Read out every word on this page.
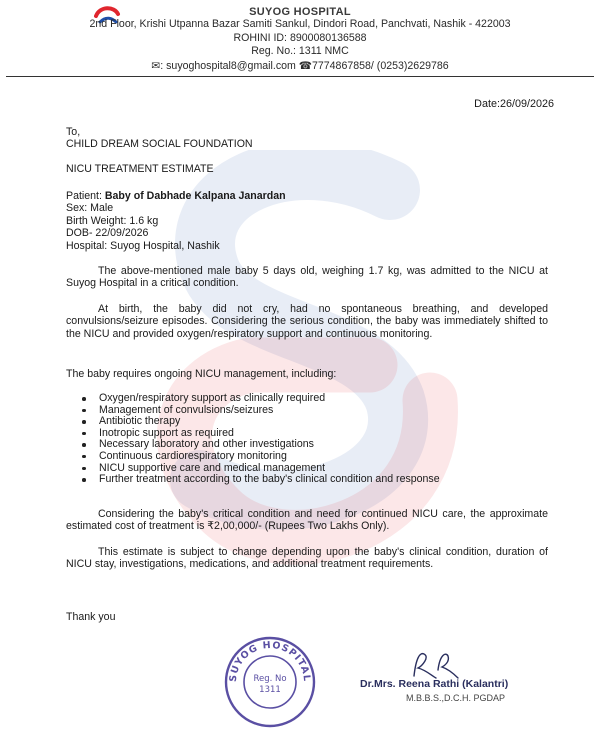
SUYOG HOSPITAL
2nd Floor, Krishi Utpanna Bazar Samiti Sankul, Dindori Road, Panchvati, Nashik - 422003
ROHINI ID: 8900080136588
Reg. No.: 1311 NMC
✉: suyoghospital8@gmail.com ☎7774867858/ (0253)2629786
Date:26/09/2026
To,
CHILD DREAM SOCIAL FOUNDATION
NICU TREATMENT ESTIMATE
Patient: Baby of Dabhade Kalpana Janardan
Sex: Male
Birth Weight: 1.6 kg
DOB- 22/09/2026
Hospital: Suyog Hospital, Nashik
The above-mentioned male baby 5 days old, weighing 1.7 kg, was admitted to the NICU at Suyog Hospital in a critical condition.
At birth, the baby did not cry, had no spontaneous breathing, and developed convulsions/seizure episodes. Considering the serious condition, the baby was immediately shifted to the NICU and provided oxygen/respiratory support and continuous monitoring.
The baby requires ongoing NICU management, including:
Oxygen/respiratory support as clinically required
Management of convulsions/seizures
Antibiotic therapy
Inotropic support as required
Necessary laboratory and other investigations
Continuous cardiorespiratory monitoring
NICU supportive care and medical management
Further treatment according to the baby's clinical condition and response
Considering the baby's critical condition and need for continued NICU care, the approximate estimated cost of treatment is ₹2,00,000/- (Rupees Two Lakhs Only).
This estimate is subject to change depending upon the baby's clinical condition, duration of NICU stay, investigations, medications, and additional treatment requirements.
Thank you
SUYOG HOSPITAL
Reg. No
1311	Dr.Mrs. Reena Rathi (Kalantri)
M.B.B.S.,D.C.H. PGDAP
